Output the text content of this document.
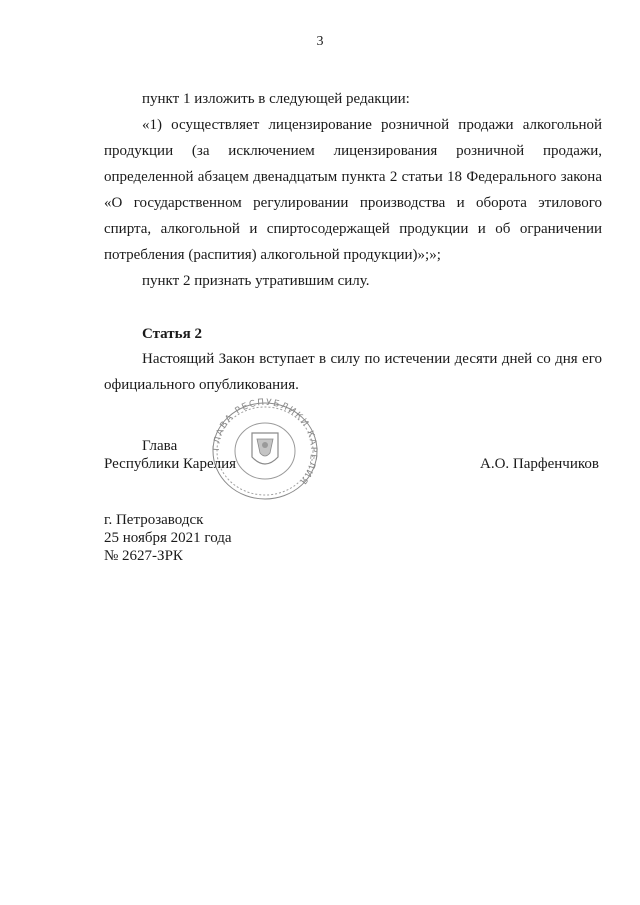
3

пункт 1 изложить в следующей редакции:

«1) осуществляет лицензирование розничной продажи алкогольной продукции (за исключением лицензирования розничной продажи, определенной абзацем двенадцатым пункта 2 статьи 18 Федерального закона «О государственном регулировании производства и оборота этилового спирта, алкогольной и спиртосодержащей продукции и об ограничении потребления (распития) алкогольной продукции)»;»;

пункт 2 признать утратившим силу.

Статья 2

Настоящий Закон вступает в силу по истечении десяти дней со дня его официального опубликования.

ГЛАВА РЕСПУБЛИКИ КАРЕЛИЯ
Глава
Республики Карелия	А.О. Парфенчиков
г. Петрозаводск
25 ноября 2021 года
№ 2627-ЗРК
